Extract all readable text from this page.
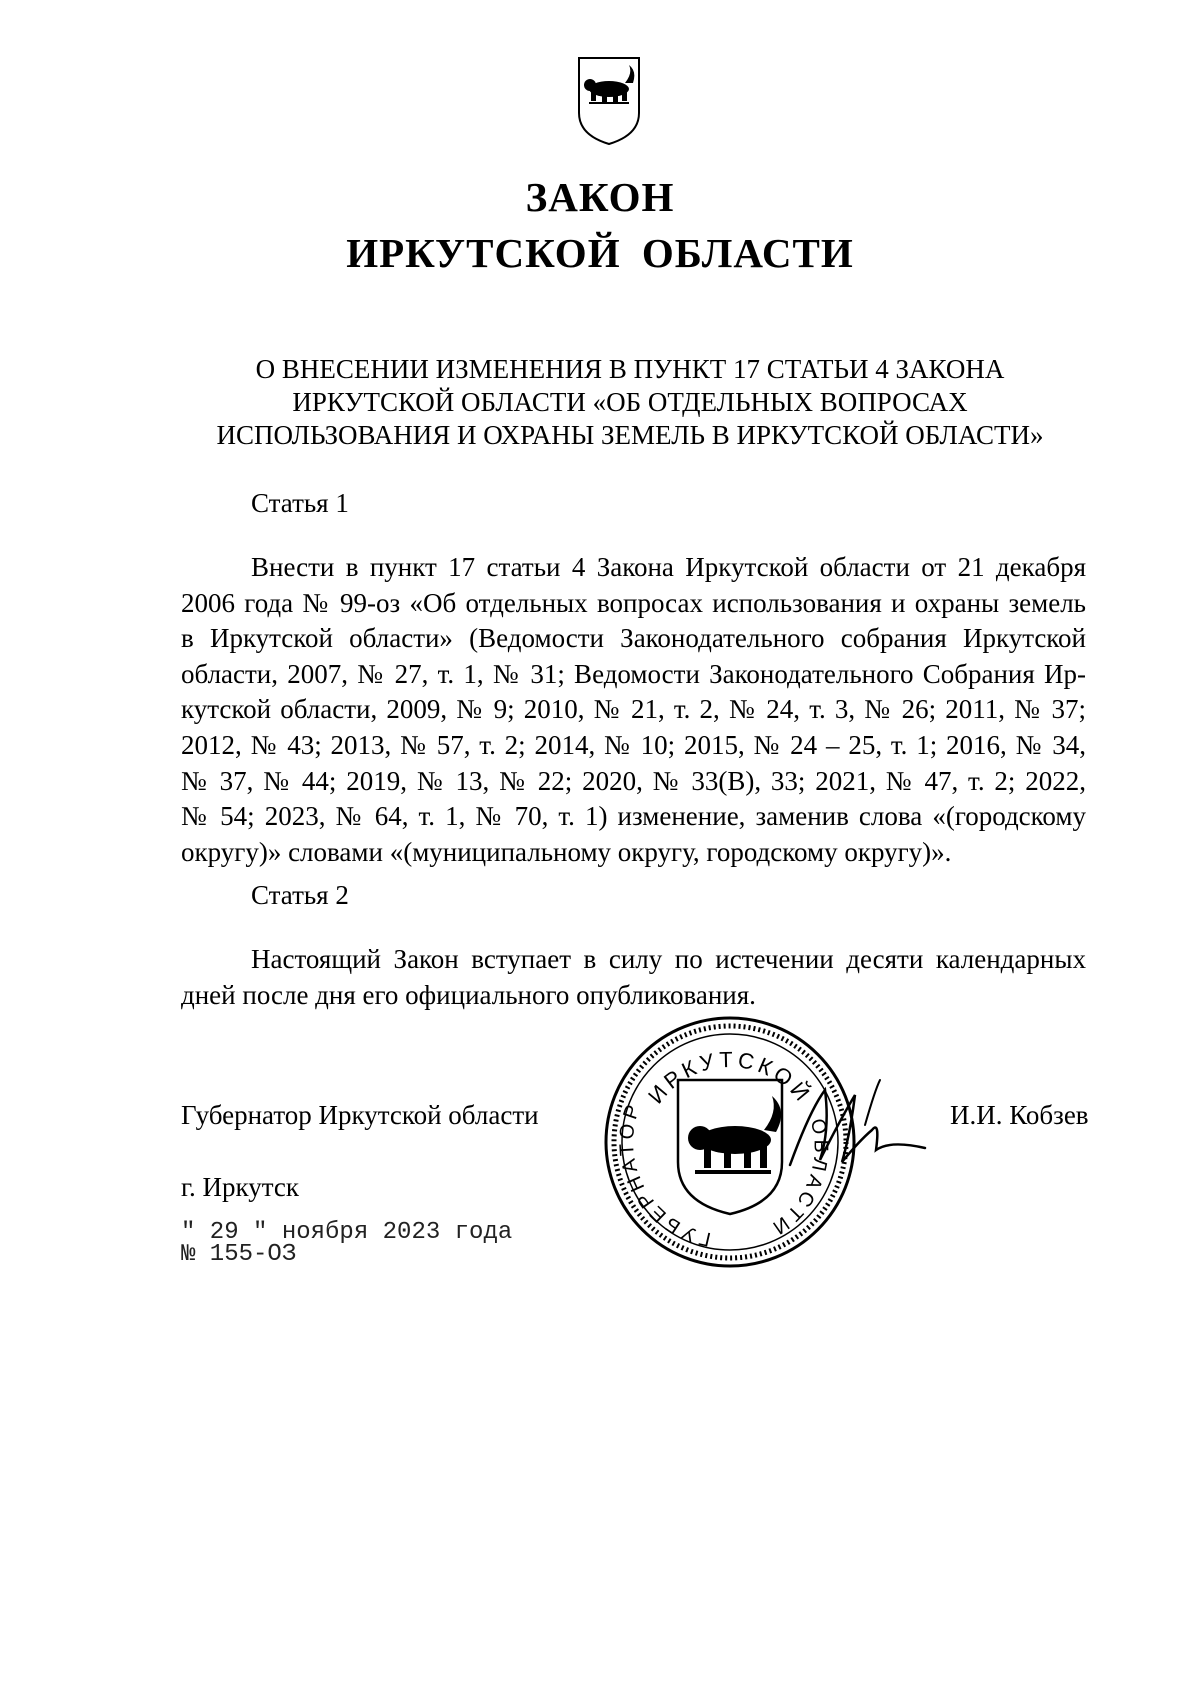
ЗАКОН
ИРКУТСКОЙ ОБЛАСТИ
О ВНЕСЕНИИ ИЗМЕНЕНИЯ В ПУНКТ 17 СТАТЬИ 4 ЗАКОНА
ИРКУТСКОЙ ОБЛАСТИ «ОБ ОТДЕЛЬНЫХ ВОПРОСАХ
ИСПОЛЬЗОВАНИЯ И ОХРАНЫ ЗЕМЕЛЬ В ИРКУТСКОЙ ОБЛАСТИ»
Статья 1
Внести в пункт 17 статьи 4 Закона Иркутской области от 21 декабря
2006 года № 99-оз «Об отдельных вопросах использования и охраны земель
в Иркутской области» (Ведомости Законодательного собрания Иркутской
области, 2007, № 27, т. 1, № 31; Ведомости Законодательного Собрания Ир-
кутской области, 2009, № 9; 2010, № 21, т. 2, № 24, т. 3, № 26; 2011, № 37;
2012, № 43; 2013, № 57, т. 2; 2014, № 10; 2015, № 24 – 25, т. 1; 2016, № 34,
№ 37, № 44; 2019, № 13, № 22; 2020, № 33(В), 33; 2021, № 47, т. 2; 2022,
№ 54; 2023, № 64, т. 1, № 70, т. 1) изменение, заменив слова «(городскому
округу)» словами «(муниципальному округу, городскому округу)».
Статья 2
Настоящий Закон вступает в силу по истечении десяти календарных
дней после дня его официального опубликования.
ИРКУТСКОЙ
ГУБЕРНАТОР
ОБЛАСТИ
Губернатор Иркутской области	И.И. Кобзев
г. Иркутск
" 29 " ноября 2023 года
№ 155-ОЗ
